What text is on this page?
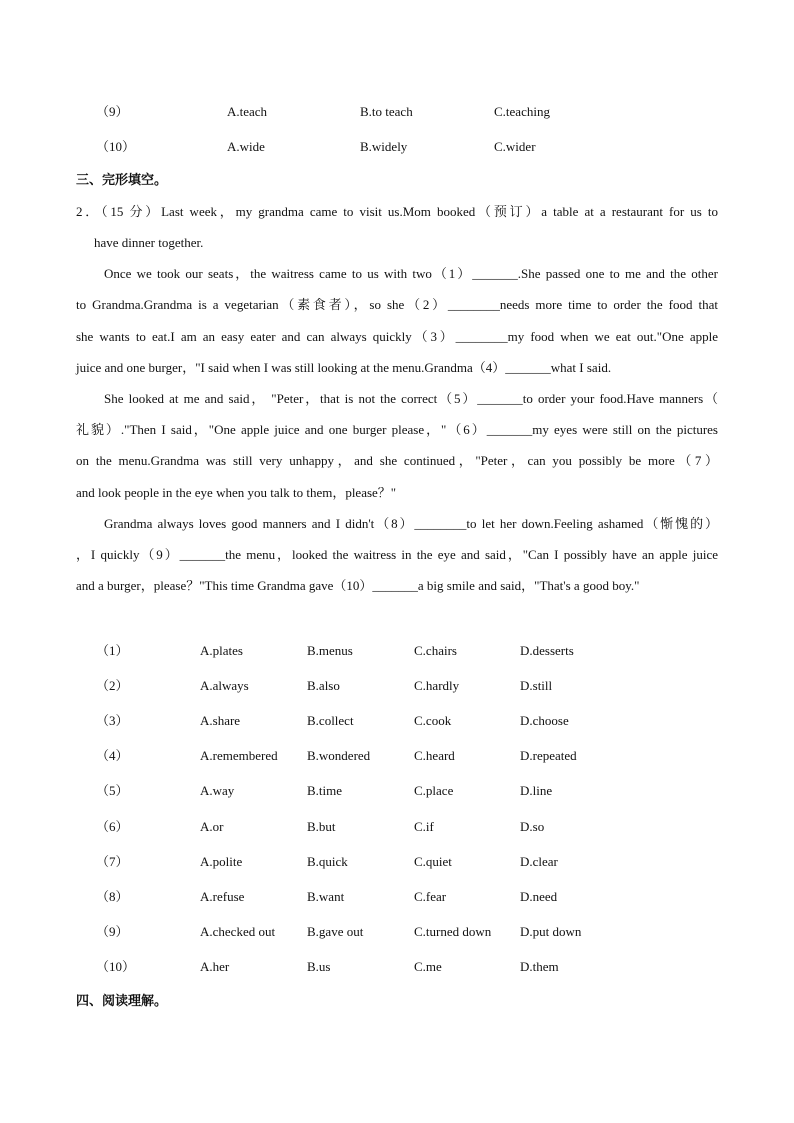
（9）	A.teach	B.to teach	C.teaching
（10）	A.wide	B.widely	C.wider
三、完形填空。
2．（15 分）Last week，my grandma came to visit us.Mom booked（预订）a table at a restaurant for us to
have dinner together.
Once we took our seats，the waitress came to us with two（1）_______.She passed one to me and the other
to Grandma.Grandma is a vegetarian（素食者），so she（2）________needs more time to order the food that
she wants to eat.I am an easy eater and can always quickly（3）________my food when we eat out."One apple
juice and one burger，"I said when I was still looking at the menu.Grandma（4）_______what I said.
She looked at me and said， "Peter，that is not the correct（5）_______to order your food.Have manners（
礼貌）."Then I said，"One apple juice and one burger please，"（6）_______my eyes were still on the pictures
on the menu.Grandma was still very unhappy，and she continued，"Peter，can you possibly be more（7）
and look people in the eye when you talk to them，please？"
Grandma always loves good manners and I didn't（8）________to let her down.Feeling ashamed（惭愧的）
，I quickly（9）_______the menu，looked the waitress in the eye and said，"Can I possibly have an apple juice
and a burger，please？"This time Grandma gave（10）_______a big smile and said，"That's a good boy."
（1）	A.plates	B.menus	C.chairs	D.desserts
（2）	A.always	B.also	C.hardly	D.still
（3）	A.share	B.collect	C.cook	D.choose
（4）	A.remembered B.wondered	C.heard	D.repeated
（5）	A.way	B.time	C.place	D.line
（6）	A.or	B.but	C.if	D.so
（7）	A.polite	B.quick	C.quiet	D.clear
（8）	A.refuse	B.want	C.fear	D.need
（9）	A.checked out B.gave out	C.turned down D.put down
（10）	A.her	B.us	C.me	D.them
四、阅读理解。
